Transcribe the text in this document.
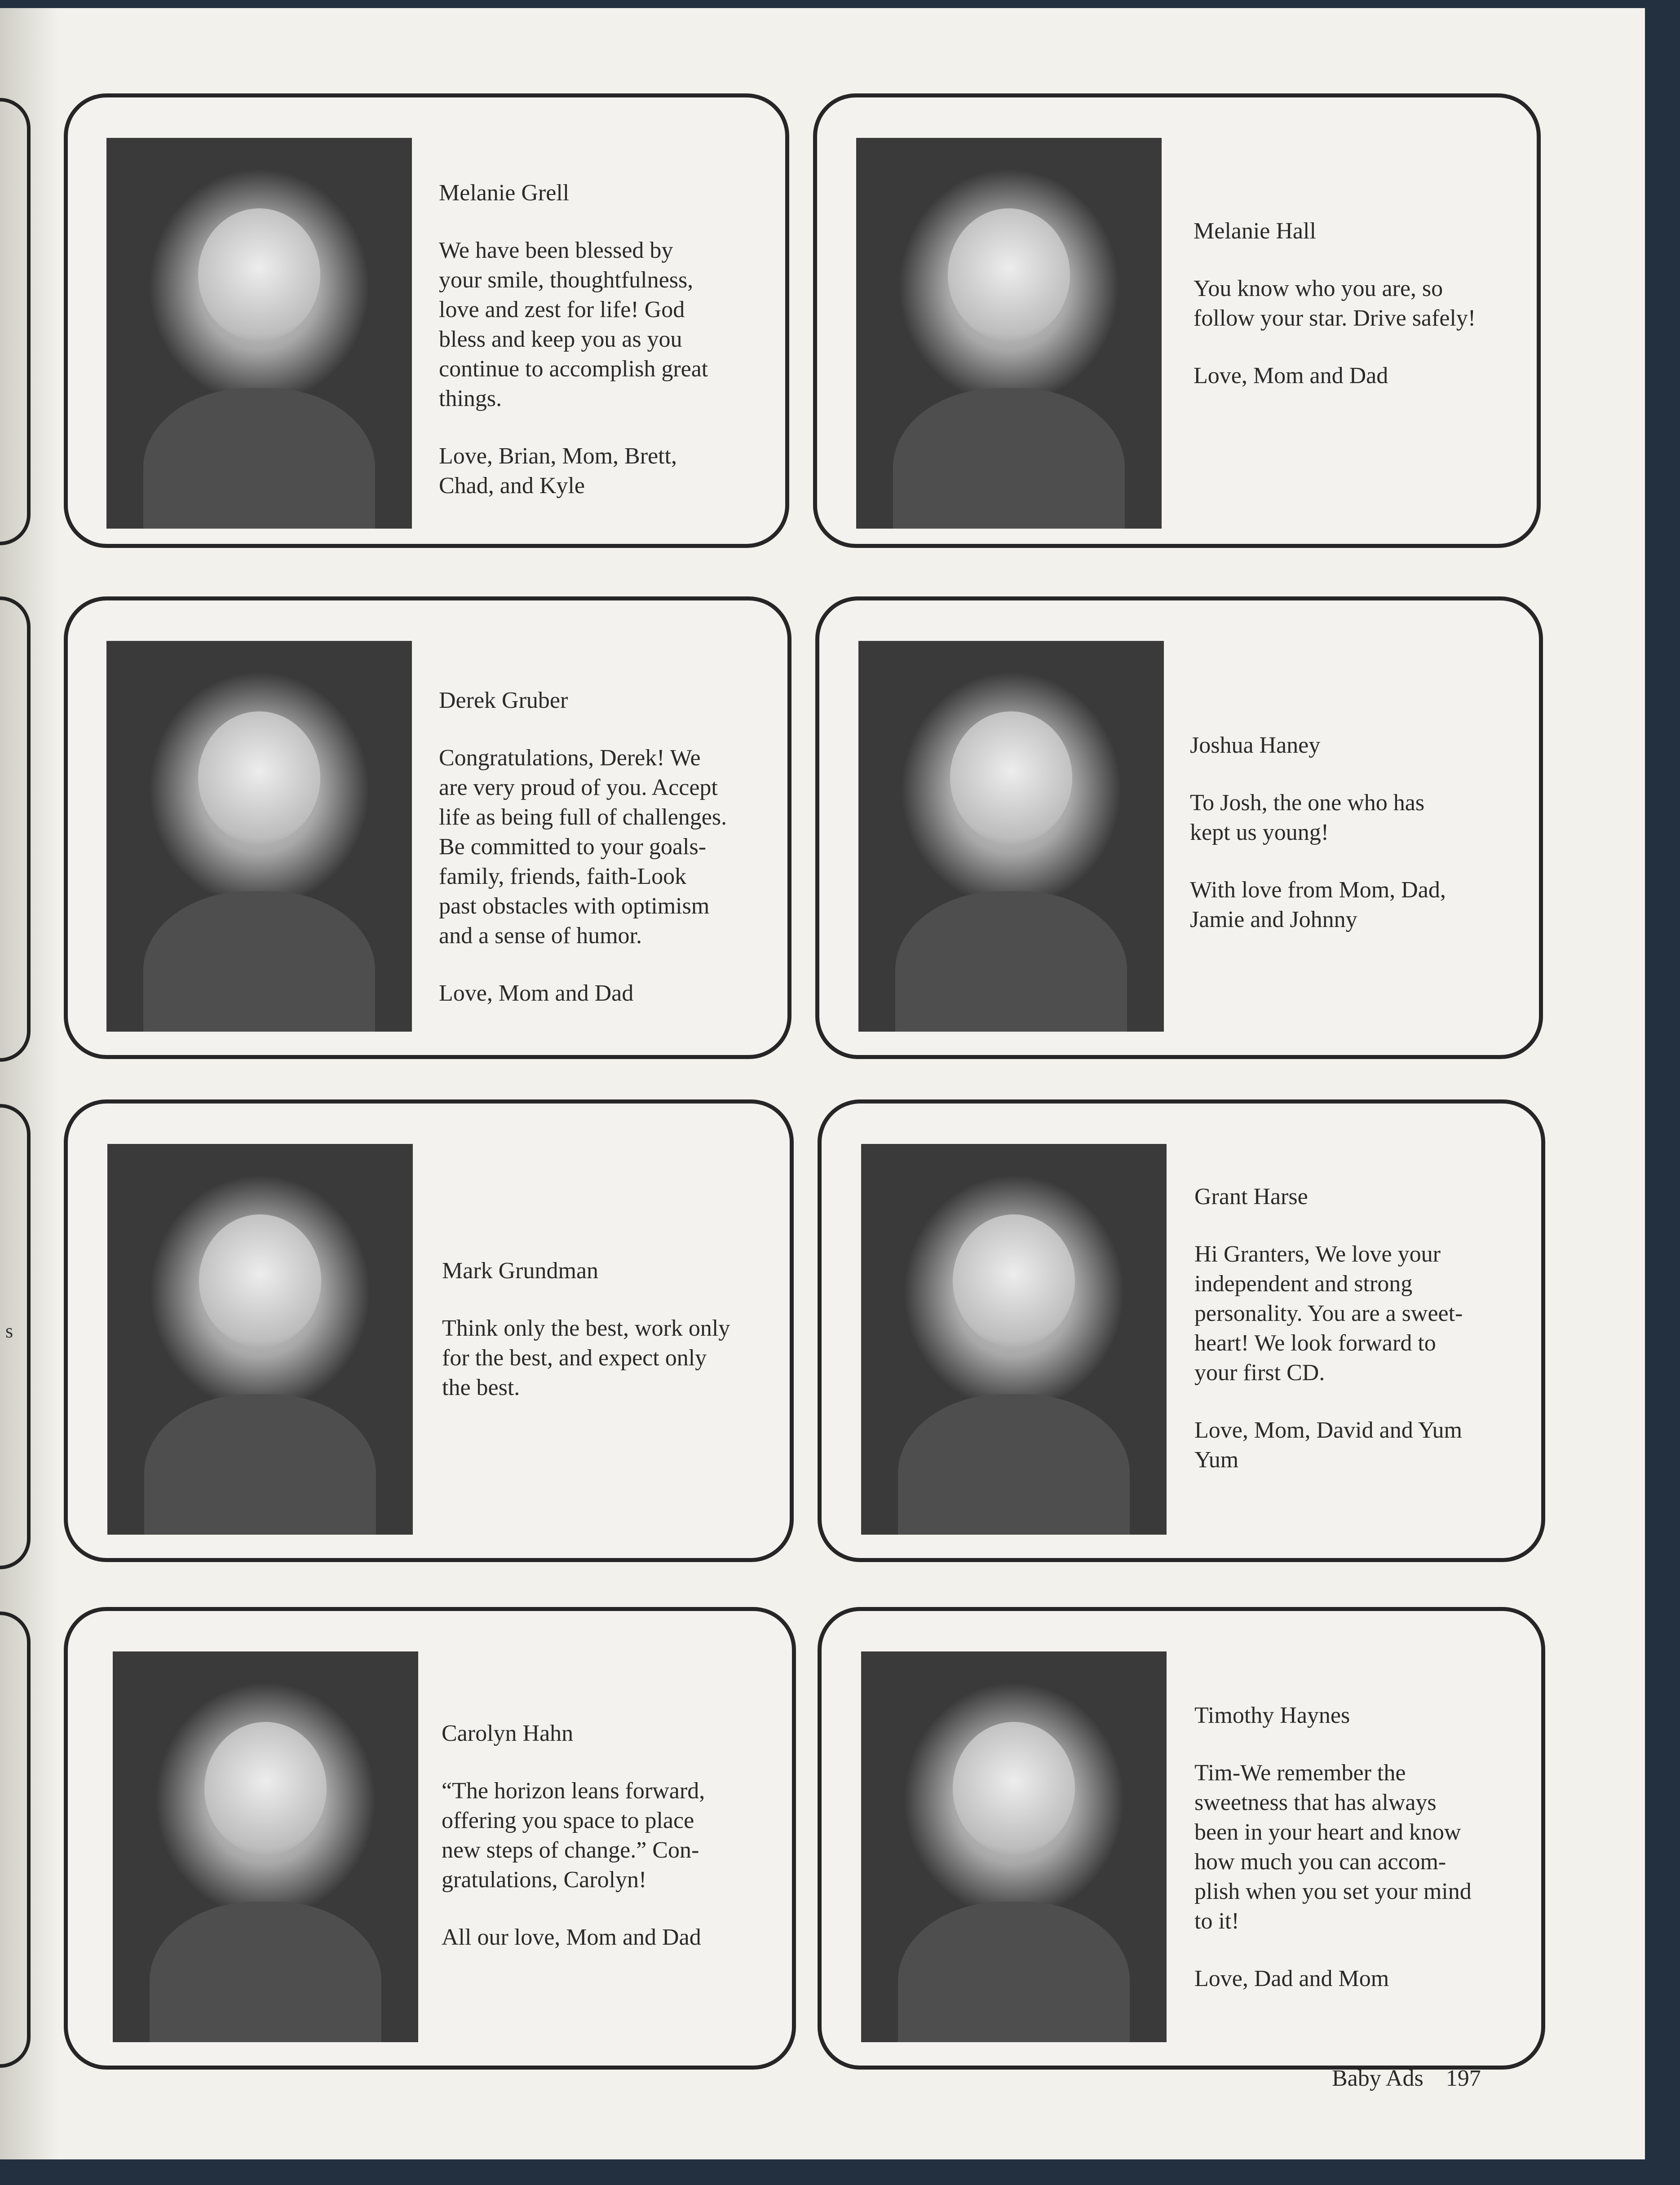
s

Melanie Grell

We have been blessed by
your smile, thoughtfulness,
love and zest for life! God
bless and keep you as you
continue to accomplish great
things.

Love, Brian, Mom, Brett,
Chad, and Kyle

Melanie Hall

You know who you are, so
follow your star. Drive safely!

Love, Mom and Dad

Derek Gruber

Congratulations, Derek! We
are very proud of you. Accept
life as being full of challenges.
Be committed to your goals-
family, friends, faith-Look
past obstacles with optimism
and a sense of humor.

Love, Mom and Dad

Joshua Haney

To Josh, the one who has
kept us young!

With love from Mom, Dad,
Jamie and Johnny

Mark Grundman

Think only the best, work only
for the best, and expect only
the best.

Grant Harse

Hi Granters, We love your
independent and strong
personality. You are a sweet-
heart! We look forward to
your first CD.

Love, Mom, David and Yum
Yum

Carolyn Hahn

“The horizon leans forward,
offering you space to place
new steps of change.” Con-
gratulations, Carolyn!

All our love, Mom and Dad

Timothy Haynes

Tim-We remember the
sweetness that has always
been in your heart and know
how much you can accom-
plish when you set your mind
to it!

Love, Dad and Mom

Baby Ads 197
